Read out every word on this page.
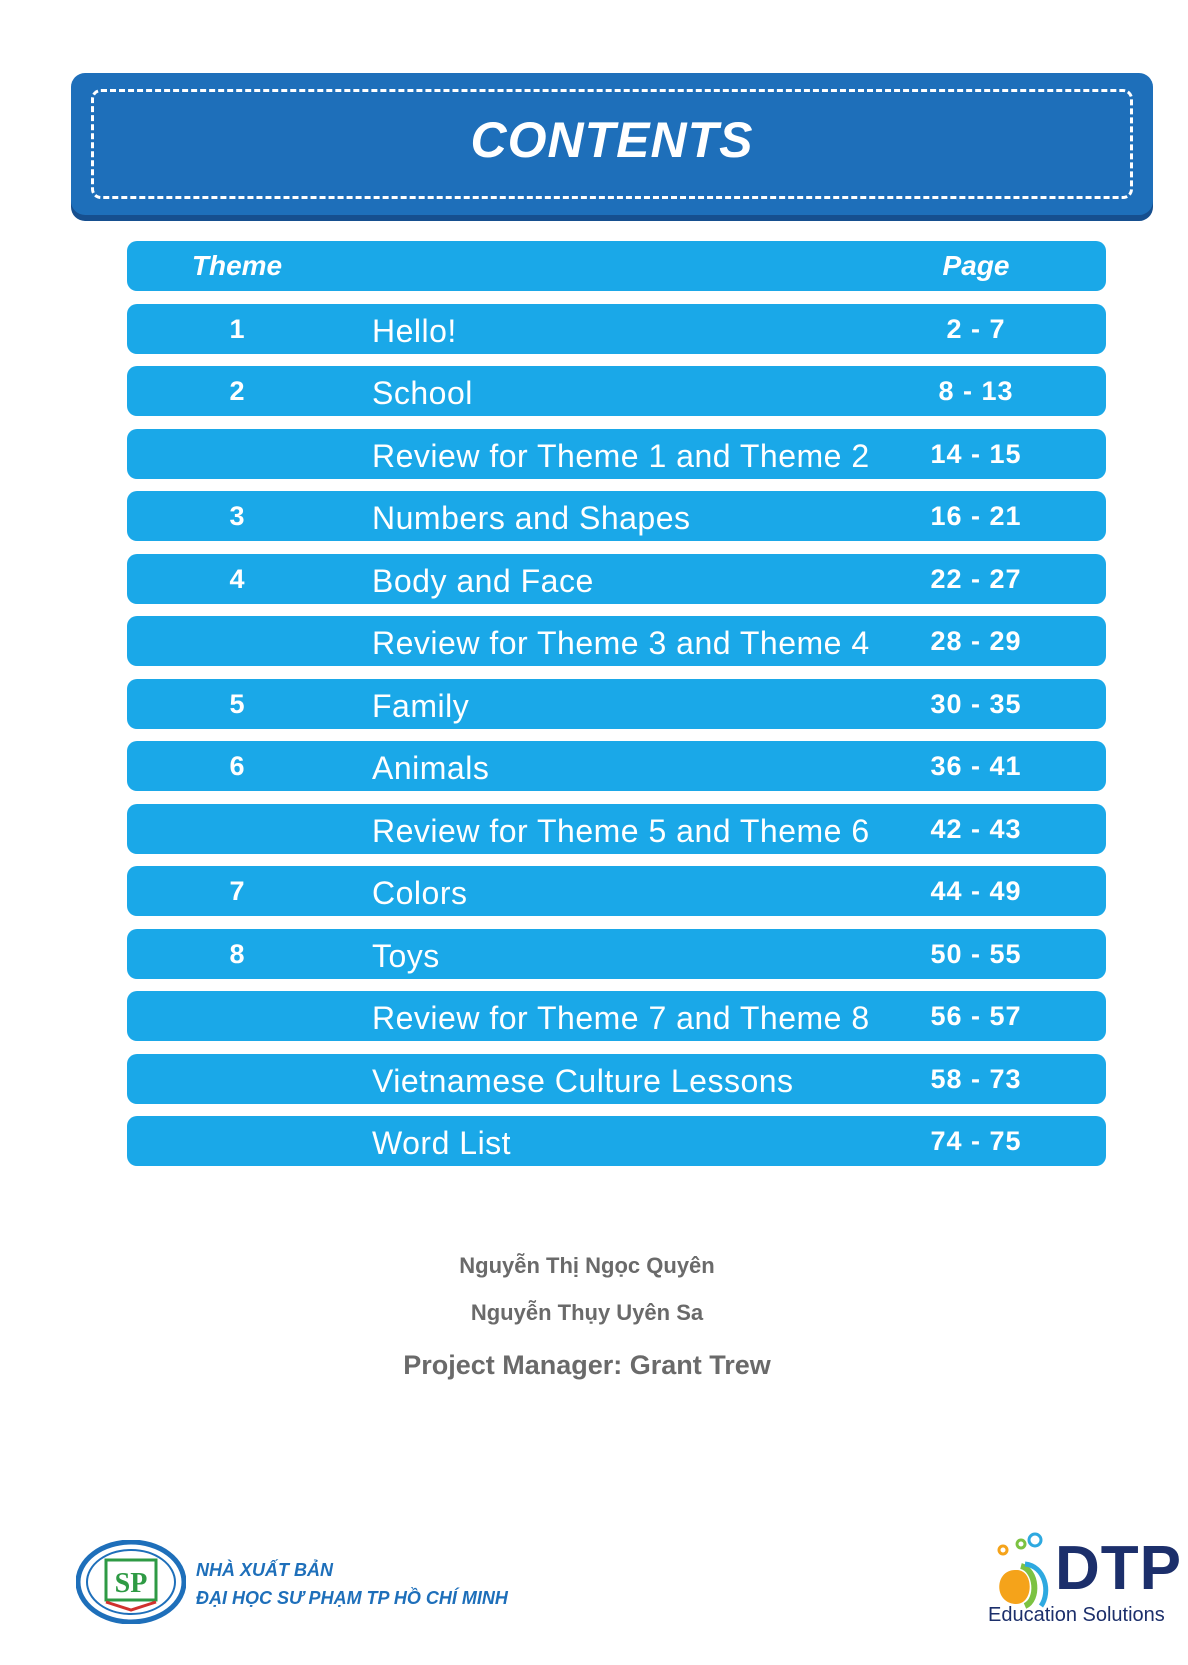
CONTENTS
Theme	Page
1	Hello!	2 - 7
2	School	8 - 13
Review for Theme 1 and Theme 2	14 - 15
3	Numbers and Shapes	16 - 21
4	Body and Face	22 - 27
Review for Theme 3 and Theme 4	28 - 29
5	Family	30 - 35
6	Animals	36 - 41
Review for Theme 5 and Theme 6	42 - 43
7	Colors	44 - 49
8	Toys	50 - 55
Review for Theme 7 and Theme 8	56 - 57
Vietnamese Culture Lessons	58 - 73
Word List	74 - 75
Nguyễn Thị Ngọc Quyên
Nguyễn Thụy Uyên Sa
Project Manager: Grant Trew
SP	NHÀ XUẤT BẢN
ĐẠI HỌC SƯ PHẠM TP HỒ CHÍ MINH	DTP
Education Solutions
